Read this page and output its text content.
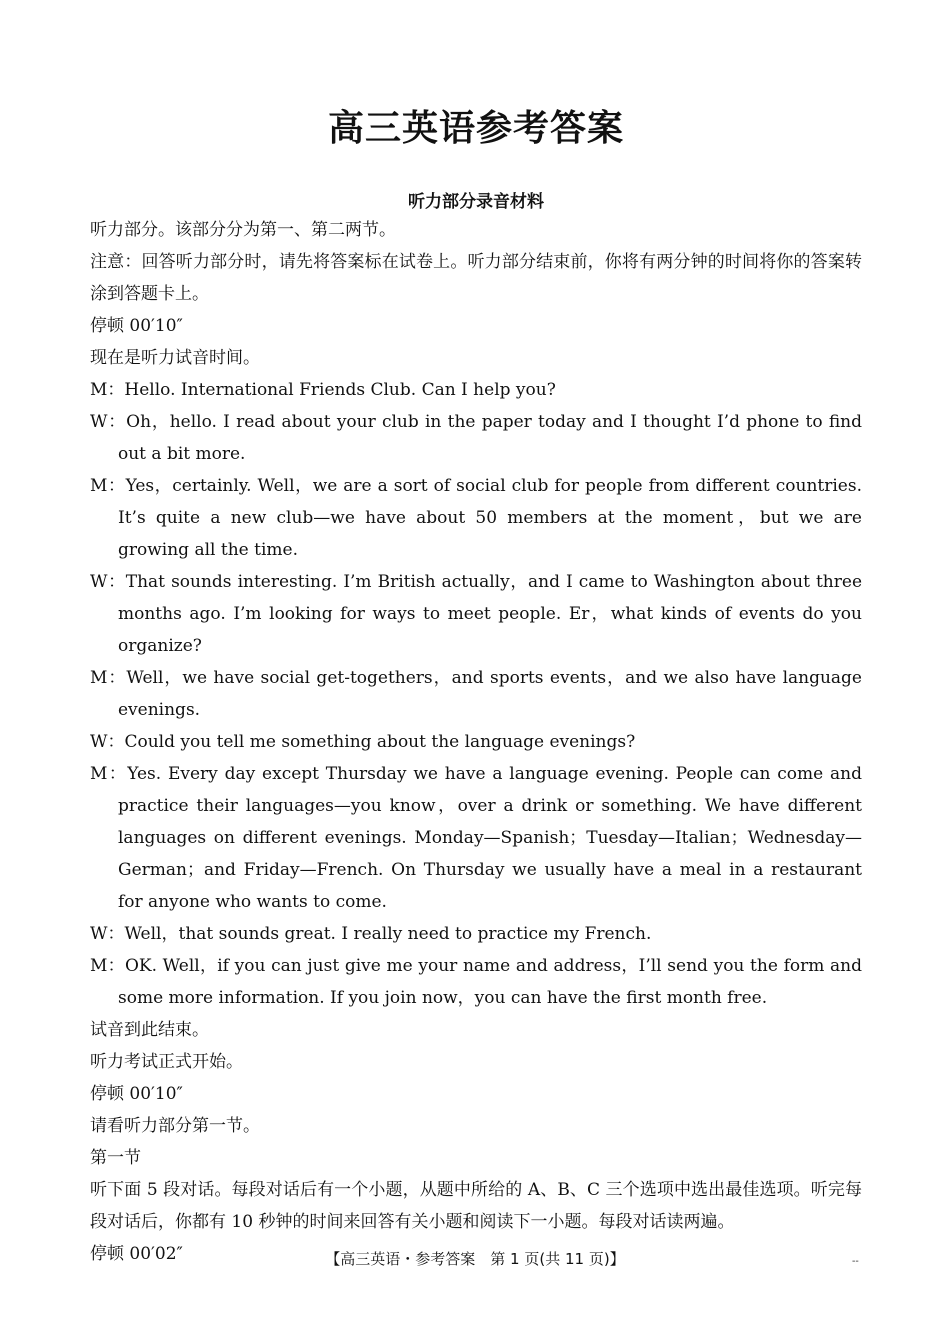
高三英语参考答案
听力部分录音材料
听力部分。该部分分为第一、第二两节。
注意：回答听力部分时，请先将答案标在试卷上。听力部分结束前，你将有两分钟的时间将你的答案转涂到答题卡上。
停顿 00′10″
现在是听力试音时间。
M：Hello. International Friends Club. Can I help you?
W：Oh，hello. I read about your club in the paper today and I thought I’d phone to find out a bit more.
M：Yes，certainly. Well，we are a sort of social club for people from different countries. It’s quite a new club—we have about 50 members at the moment，but we are growing all the time.
W：That sounds interesting. I’m British actually，and I came to Washington about three months ago. I’m looking for ways to meet people. Er，what kinds of events do you organize?
M：Well，we have social get-togethers，and sports events，and we also have language evenings.
W：Could you tell me something about the language evenings?
M：Yes. Every day except Thursday we have a language evening. People can come and practice their languages—you know，over a drink or something. We have different languages on different evenings. Monday—Spanish；Tuesday—Italian；Wednesday—German；and Friday—French. On Thursday we usually have a meal in a restaurant for anyone who wants to come.
W：Well，that sounds great. I really need to practice my French.
M：OK. Well，if you can just give me your name and address，I’ll send you the form and some more information. If you join now，you can have the first month free.
试音到此结束。
听力考试正式开始。
停顿 00′10″
请看听力部分第一节。
第一节
听下面 5 段对话。每段对话后有一个小题，从题中所给的 A、B、C 三个选项中选出最佳选项。听完每段对话后，你都有 10 秒钟的时间来回答有关小题和阅读下一小题。每段对话读两遍。
停顿 00′02″	【高三英语・参考答案　第 1 页(共 11 页)】	--
